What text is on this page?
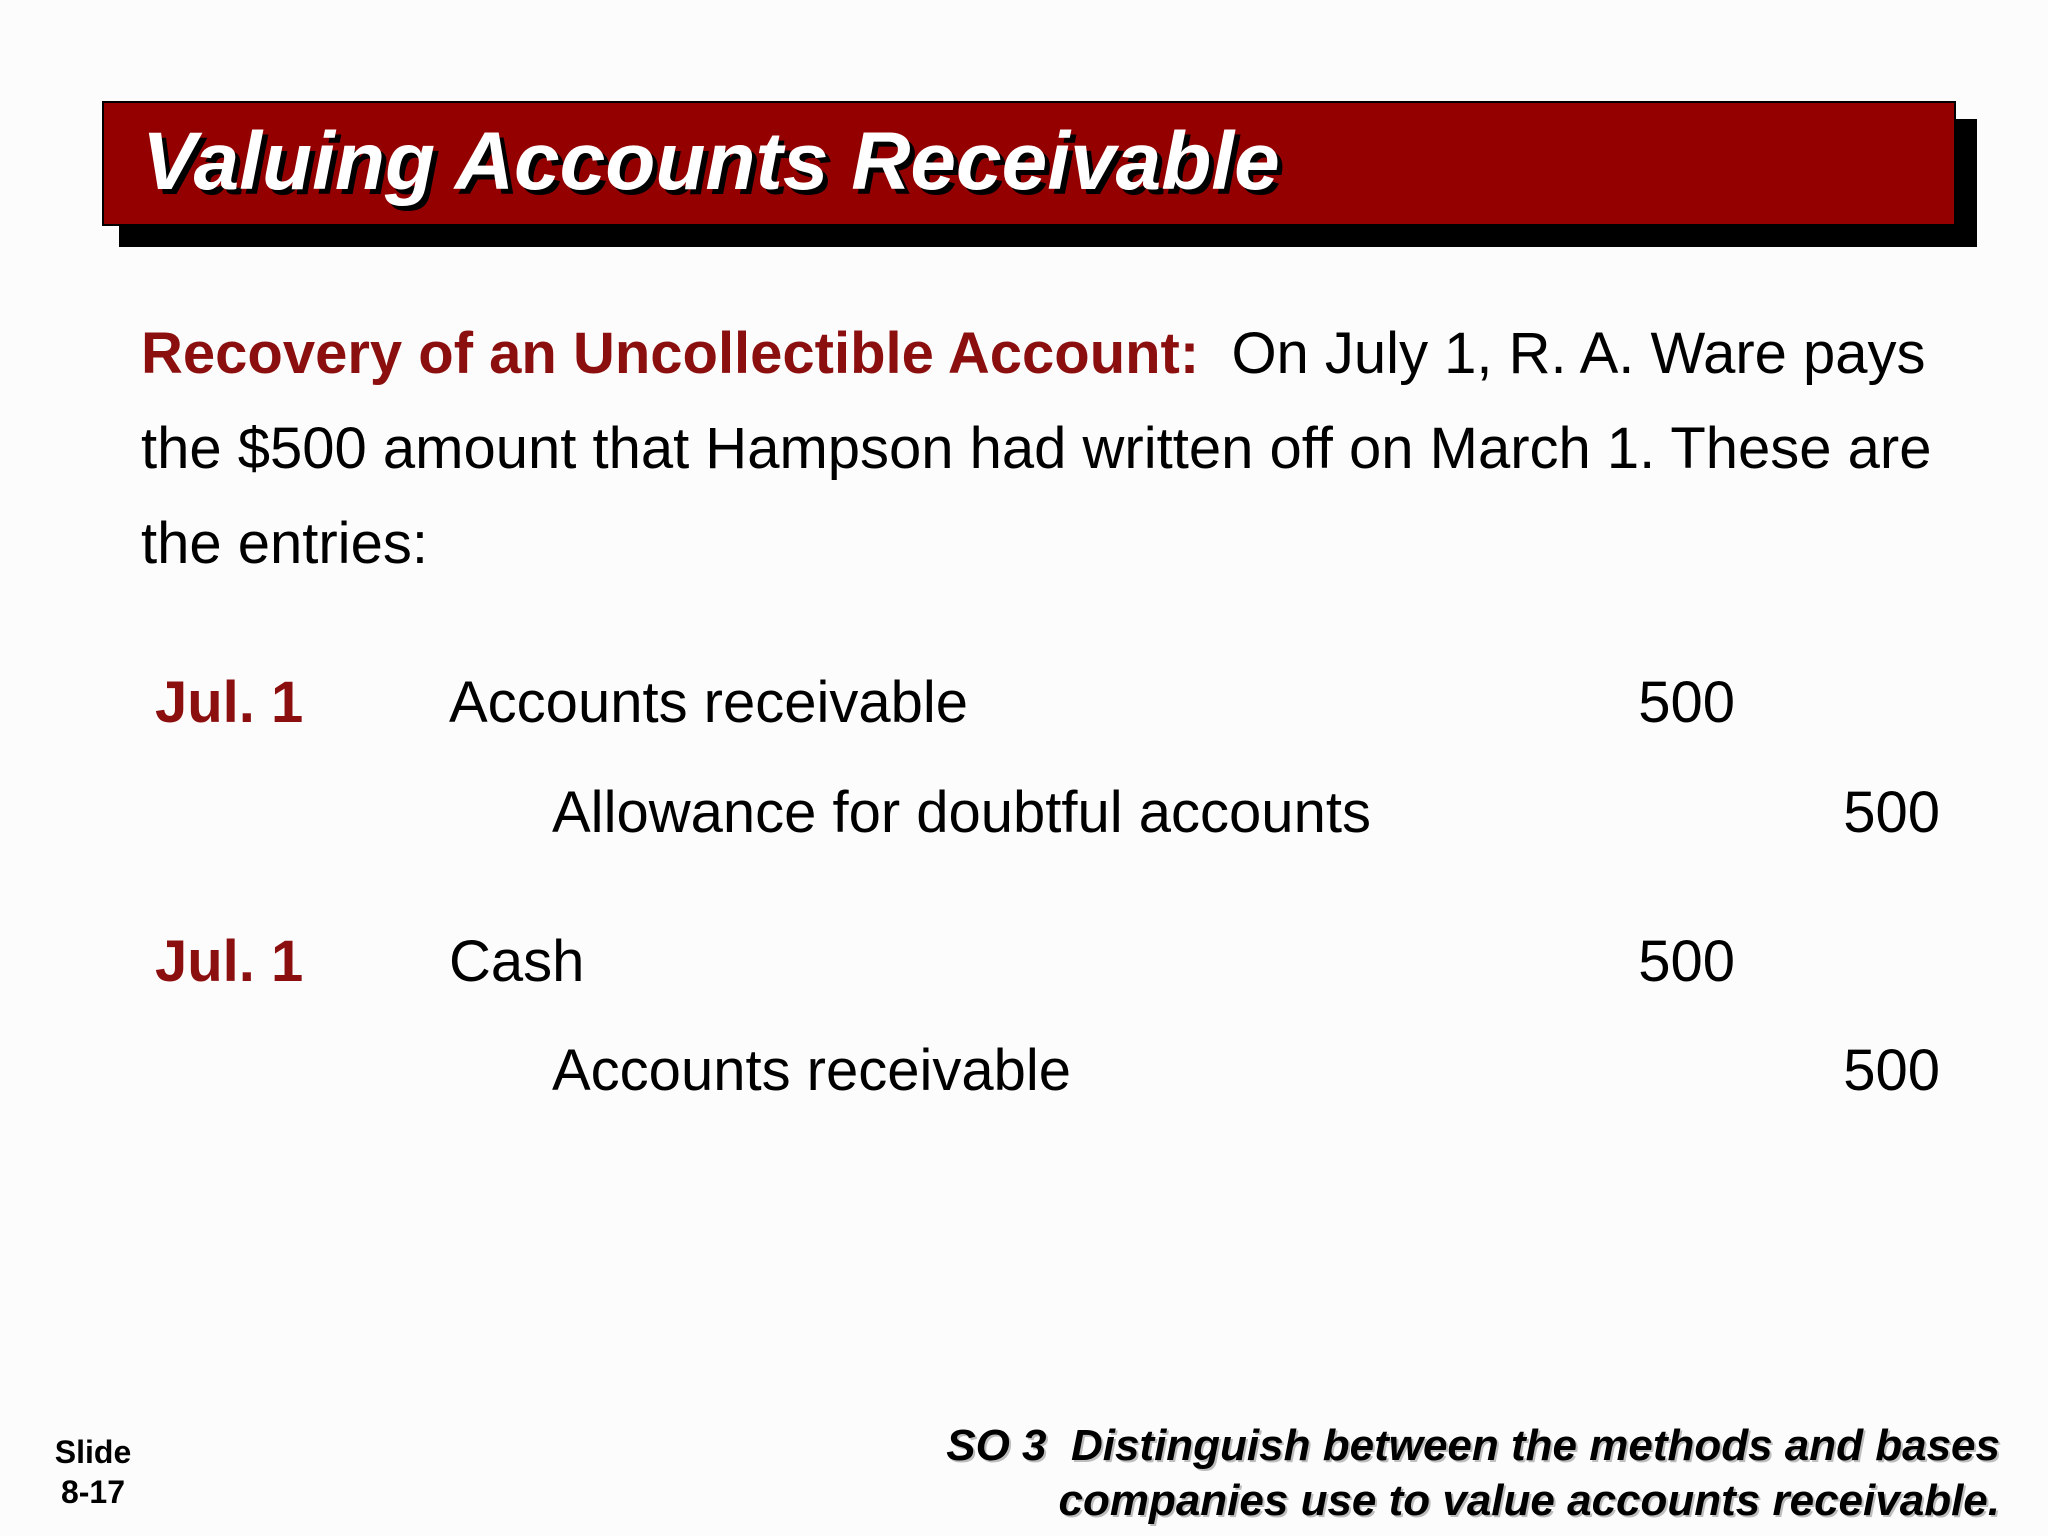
Valuing Accounts Receivable
Recovery of an Uncollectible Account: On July 1, R. A. Ware pays the $500 amount that Hampson had written off on March 1. These are the entries:
Jul. 1	Accounts receivable	500
Allowance for doubtful accounts	500
Jul. 1	Cash	500
Accounts receivable	500
Slide
8-17
SO 3  Distinguish between the methods and bases
companies use to value accounts receivable.
